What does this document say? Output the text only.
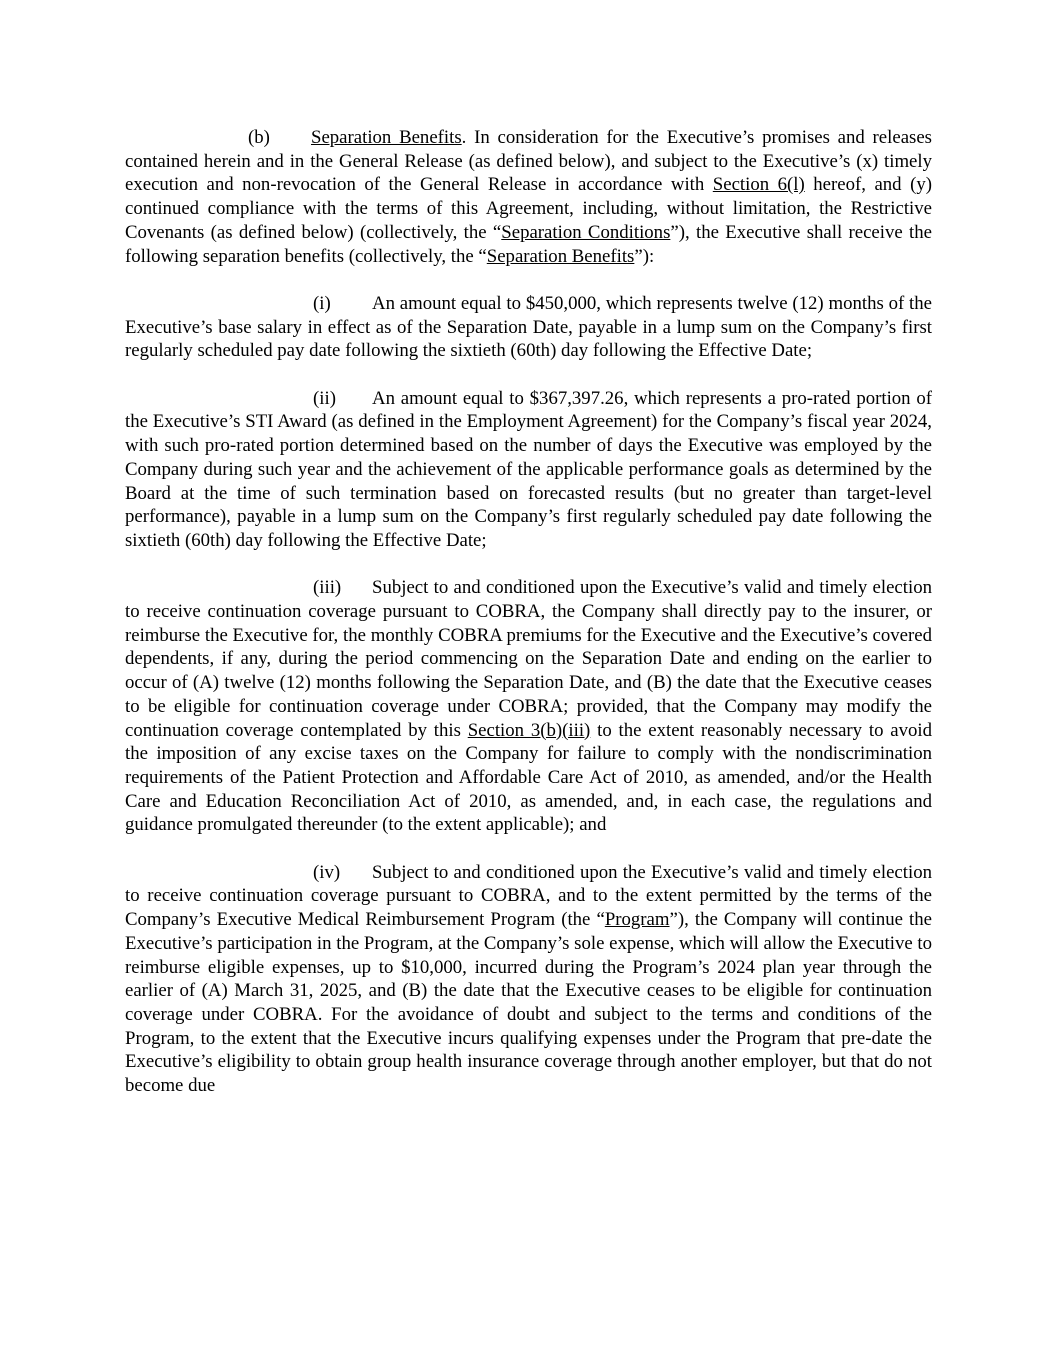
(b) Separation Benefits. In consideration for the Executive’s promises and releases contained herein and in the General Release (as defined below), and subject to the Executive’s (x) timely execution and non-revocation of the General Release in accordance with Section 6(l) hereof, and (y) continued compliance with the terms of this Agreement, including, without limitation, the Restrictive Covenants (as defined below) (collectively, the “Separation Conditions”), the Executive shall receive the following separation benefits (collectively, the “Separation Benefits”):

(i) An amount equal to $450,000, which represents twelve (12) months of the Executive’s base salary in effect as of the Separation Date, payable in a lump sum on the Company’s first regularly scheduled pay date following the sixtieth (60th) day following the Effective Date;

(ii) An amount equal to $367,397.26, which represents a pro-rated portion of the Executive’s STI Award (as defined in the Employment Agreement) for the Company’s fiscal year 2024, with such pro-rated portion determined based on the number of days the Executive was employed by the Company during such year and the achievement of the applicable performance goals as determined by the Board at the time of such termination based on forecasted results (but no greater than target-level performance), payable in a lump sum on the Company’s first regularly scheduled pay date following the sixtieth (60th) day following the Effective Date;

(iii) Subject to and conditioned upon the Executive’s valid and timely election to receive continuation coverage pursuant to COBRA, the Company shall directly pay to the insurer, or reimburse the Executive for, the monthly COBRA premiums for the Executive and the Executive’s covered dependents, if any, during the period commencing on the Separation Date and ending on the earlier to occur of (A) twelve (12) months following the Separation Date, and (B) the date that the Executive ceases to be eligible for continuation coverage under COBRA; provided, that the Company may modify the continuation coverage contemplated by this Section 3(b)(iii) to the extent reasonably necessary to avoid the imposition of any excise taxes on the Company for failure to comply with the nondiscrimination requirements of the Patient Protection and Affordable Care Act of 2010, as amended, and/or the Health Care and Education Reconciliation Act of 2010, as amended, and, in each case, the regulations and guidance promulgated thereunder (to the extent applicable); and

(iv) Subject to and conditioned upon the Executive’s valid and timely election to receive continuation coverage pursuant to COBRA, and to the extent permitted by the terms of the Company’s Executive Medical Reimbursement Program (the “Program”), the Company will continue the Executive’s participation in the Program, at the Company’s sole expense, which will allow the Executive to reimburse eligible expenses, up to $10,000, incurred during the Program’s 2024 plan year through the earlier of (A) March 31, 2025, and (B) the date that the Executive ceases to be eligible for continuation coverage under COBRA. For the avoidance of doubt and subject to the terms and conditions of the Program, to the extent that the Executive incurs qualifying expenses under the Program that pre-date the Executive’s eligibility to obtain group health insurance coverage through another employer, but that do not become due
